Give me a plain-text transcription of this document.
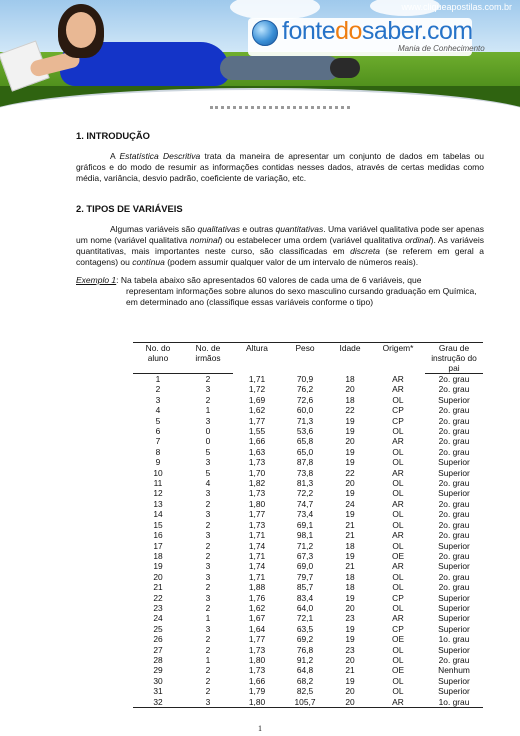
www.cliqueapostilas.com.br
fontedosaber.com
Mania de Conhecimento
1. INTRODUÇÃO

A Estatística Descritiva trata da maneira de apresentar um conjunto de dados em tabelas ou gráficos e do modo de resumir as informações contidas nesses dados, através de certas medidas como média, variância, desvio padrão, coeficiente de variação, etc.

2. TIPOS DE VARIÁVEIS

Algumas variáveis são qualitativas e outras quantitativas. Uma variável qualitativa pode ser apenas um nome (variável qualitativa nominal) ou estabelecer uma ordem (variável qualitativa ordinal). As variáveis quantitativas, mais importantes neste curso, são classificadas em discreta (se referem em geral a contagens) ou contínua (podem assumir qualquer valor de um intervalo de números reais).

Exemplo 1: Na tabela abaixo são apresentados 60 valores de cada uma de 6 variáveis, que
representam informações sobre alunos do sexo masculino cursando graduação em Química, em determinado ano (classifique essas variáveis conforme o tipo)
No. do	No. de	Altura	Peso	Idade	Origem*	Grau de
aluno	irmãos					instrução do pai
1	2	1,71	70,9	18	AR	2o. grau
2	3	1,72	76,2	20	AR	2o. grau
3	2	1,69	72,6	18	OL	Superior
4	1	1,62	60,0	22	CP	2o. grau
5	3	1,77	71,3	19	CP	2o. grau
6	0	1,55	53,6	19	OL	2o. grau
7	0	1,66	65,8	20	AR	2o. grau
8	5	1,63	65,0	19	OL	2o. grau
9	3	1,73	87,8	19	OL	Superior
10	5	1,70	73,8	22	AR	Superior
11	4	1,82	81,3	20	OL	2o. grau
12	3	1,73	72,2	19	OL	Superior
13	2	1,80	74,7	24	AR	2o. grau
14	3	1,77	73,4	19	OL	2o. grau
15	2	1,73	69,1	21	OL	2o. grau
16	3	1,71	98,1	21	AR	2o. grau
17	2	1,74	71,2	18	OL	Superior
18	2	1,71	67,3	19	OE	2o. grau
19	3	1,74	69,0	21	AR	Superior
20	3	1,71	79,7	18	OL	2o. grau
21	2	1,88	85,7	18	OL	2o. grau
22	3	1,76	83,4	19	CP	Superior
23	2	1,62	64,0	20	OL	Superior
24	1	1,67	72,1	23	AR	Superior
25	3	1,64	63,5	19	CP	Superior
26	2	1,77	69,2	19	OE	1o. grau
27	2	1,73	76,8	23	OL	Superior
28	1	1,80	91,2	20	OL	2o. grau
29	2	1,73	64,8	21	OE	Nenhum
30	2	1,66	68,2	19	OL	Superior
31	2	1,79	82,5	20	OL	Superior
32	3	1,80	105,7	20	AR	1o. grau
1
